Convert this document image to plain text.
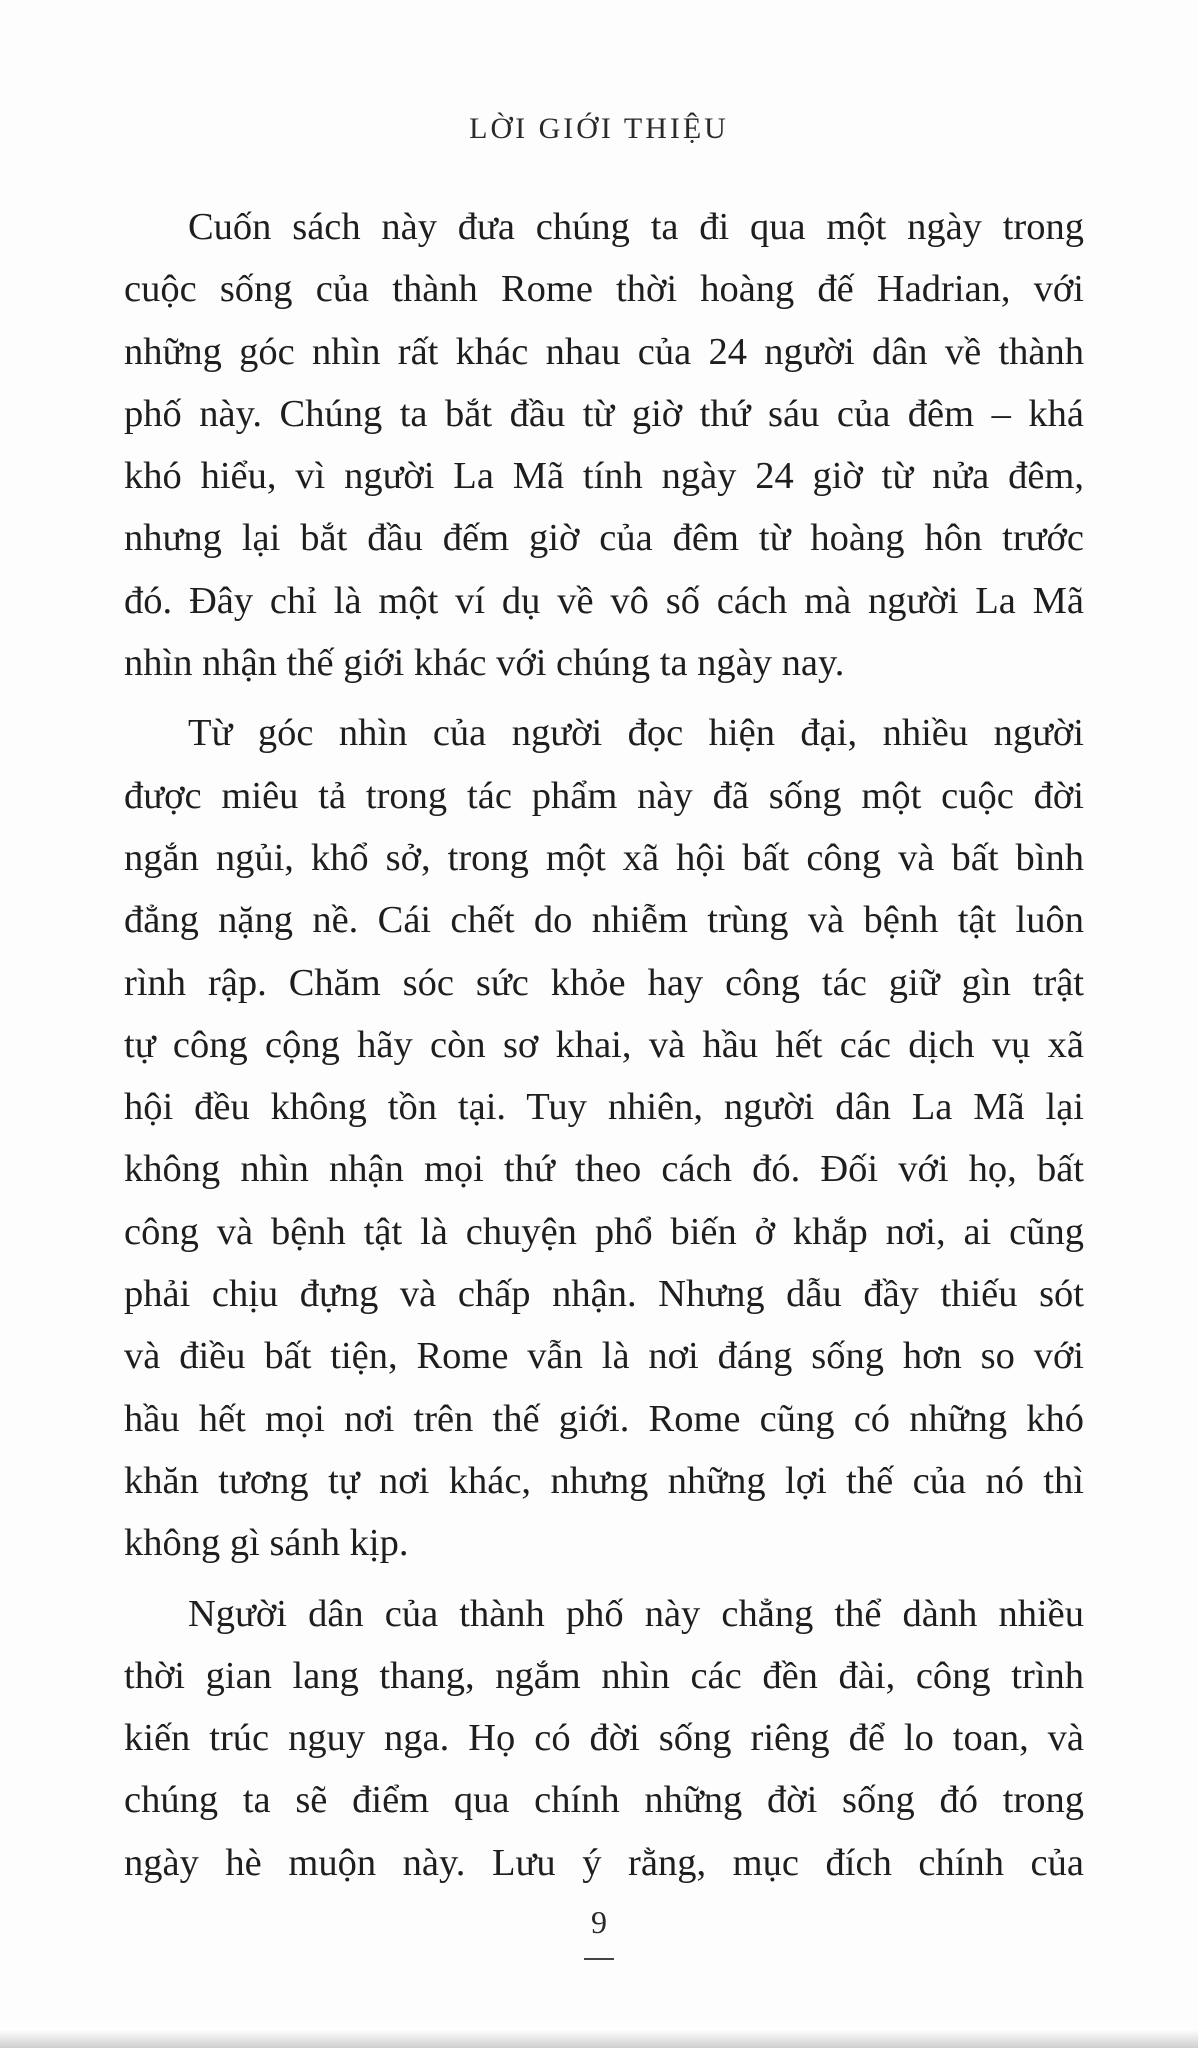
LỜI GIỚI THIỆU
Cuốn sách này đưa chúng ta đi qua một ngày trong
cuộc sống của thành Rome thời hoàng đế Hadrian, với
những góc nhìn rất khác nhau của 24 người dân về thành
phố này. Chúng ta bắt đầu từ giờ thứ sáu của đêm – khá
khó hiểu, vì người La Mã tính ngày 24 giờ từ nửa đêm,
nhưng lại bắt đầu đếm giờ của đêm từ hoàng hôn trước
đó. Đây chỉ là một ví dụ về vô số cách mà người La Mã
nhìn nhận thế giới khác với chúng ta ngày nay.
Từ góc nhìn của người đọc hiện đại, nhiều người
được miêu tả trong tác phẩm này đã sống một cuộc đời
ngắn ngủi, khổ sở, trong một xã hội bất công và bất bình
đẳng nặng nề. Cái chết do nhiễm trùng và bệnh tật luôn
rình rập. Chăm sóc sức khỏe hay công tác giữ gìn trật
tự công cộng hãy còn sơ khai, và hầu hết các dịch vụ xã
hội đều không tồn tại. Tuy nhiên, người dân La Mã lại
không nhìn nhận mọi thứ theo cách đó. Đối với họ, bất
công và bệnh tật là chuyện phổ biến ở khắp nơi, ai cũng
phải chịu đựng và chấp nhận. Nhưng dẫu đầy thiếu sót
và điều bất tiện, Rome vẫn là nơi đáng sống hơn so với
hầu hết mọi nơi trên thế giới. Rome cũng có những khó
khăn tương tự nơi khác, nhưng những lợi thế của nó thì
không gì sánh kịp.
Người dân của thành phố này chẳng thể dành nhiều
thời gian lang thang, ngắm nhìn các đền đài, công trình
kiến trúc nguy nga. Họ có đời sống riêng để lo toan, và
chúng ta sẽ điểm qua chính những đời sống đó trong
ngày hè muộn này. Lưu ý rằng, mục đích chính của
9
